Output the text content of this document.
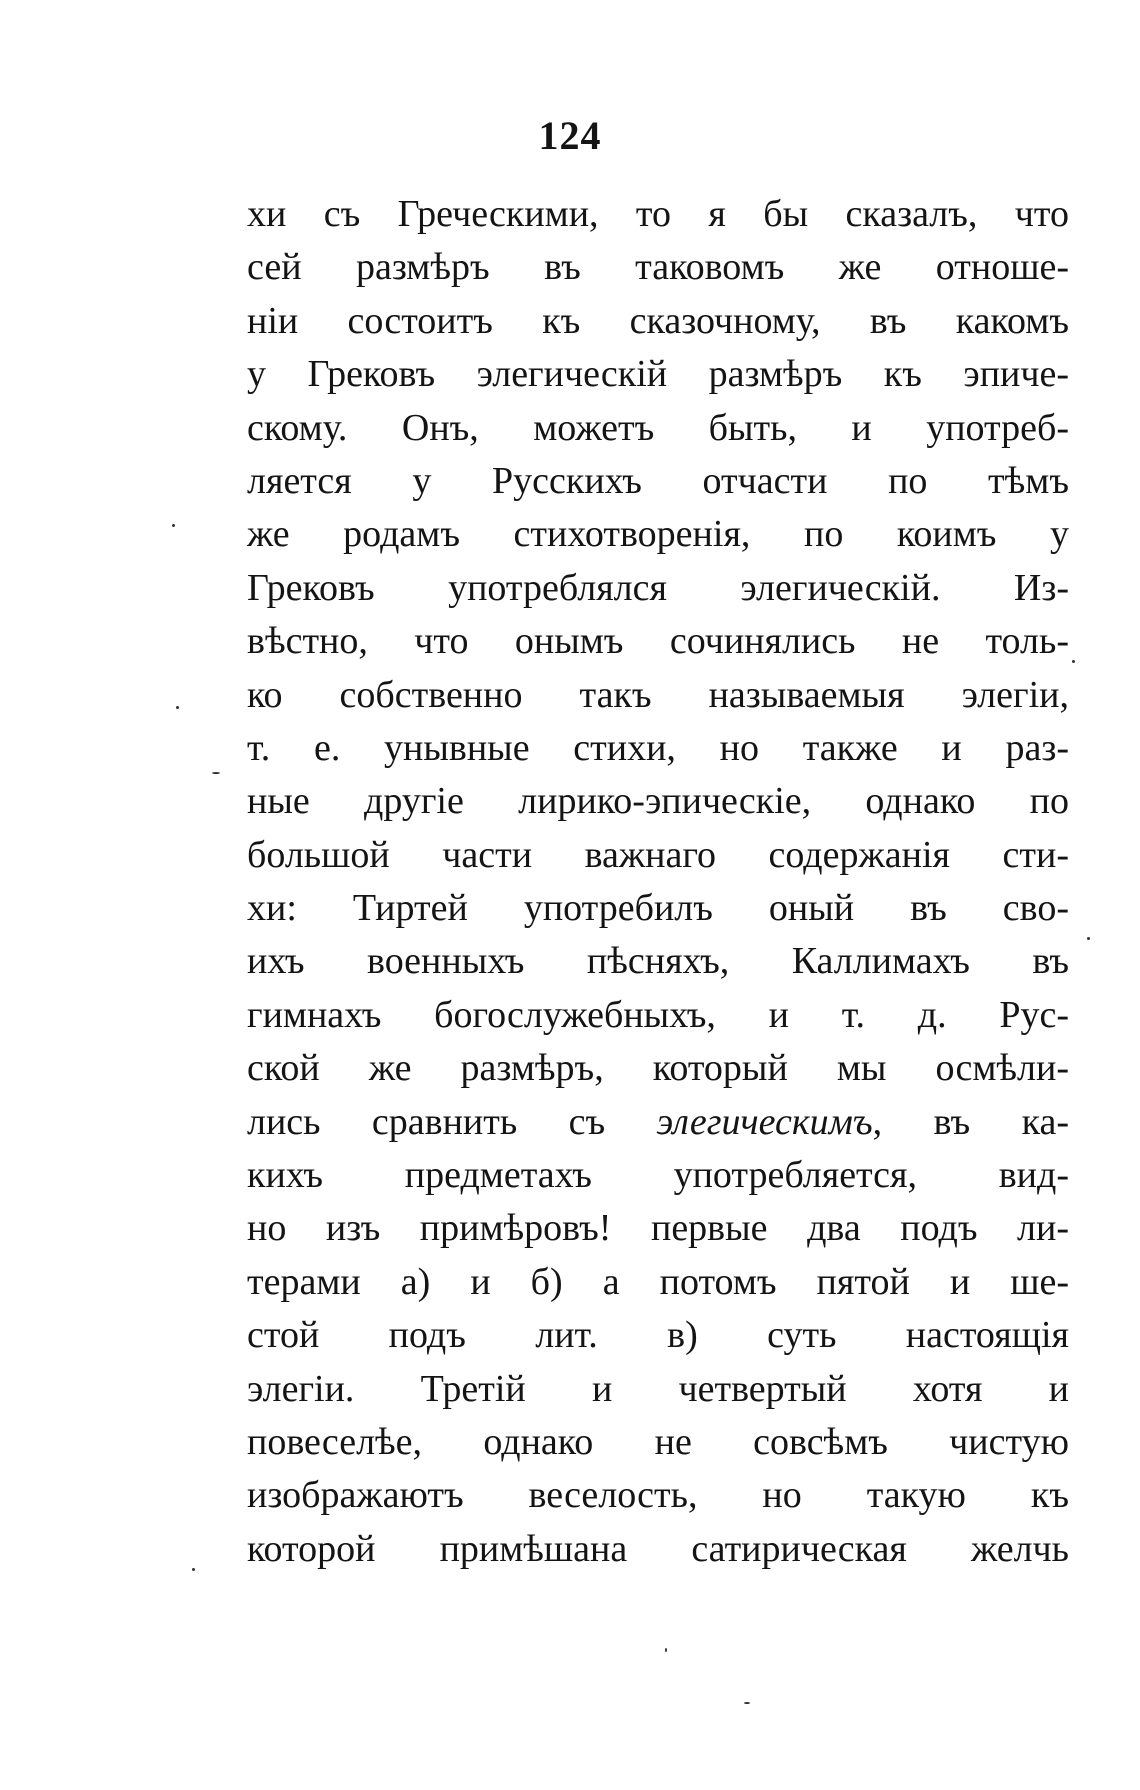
124
хи съ Греческими, то я бы сказалъ, что
сей размѣръ въ таковомъ же отноше-
нiи состоитъ къ сказочному, въ какомъ
у Грековъ элегическiй размѣръ къ эпиче-
скому. Онъ, можетъ быть, и употреб-
ляется у Русскихъ отчасти по тѣмъ
же родамъ стихотворенiя, по коимъ у
Грековъ употреблялся элегическiй. Из-
вѣстно, что онымъ сочинялись не толь-
ко собственно такъ называемыя элегiи,
т. е. унывные стихи, но также и раз-
ные другiе лирико-эпическiе, однако по
большой части важнаго содержанiя сти-
хи: Тиртей употребилъ оный въ сво-
ихъ военныхъ пѣсняхъ, Каллимахъ въ
гимнахъ богослужебныхъ, и т. д. Рус-
ской же размѣръ, который мы осмѣли-
лись сравнить съ элегическимъ, въ ка-
кихъ предметахъ употребляется, вид-
но изъ примѣровъ! первые два подъ ли-
терами а) и б) а потомъ пятой и ше-
стой подъ лит. в) суть настоящiя
элегiи. Третiй и четвертый хотя и
повеселѣе, однако не совсѣмъ чистую
изображаютъ веселость, но такую къ
которой примѣшана сатирическая желчь
